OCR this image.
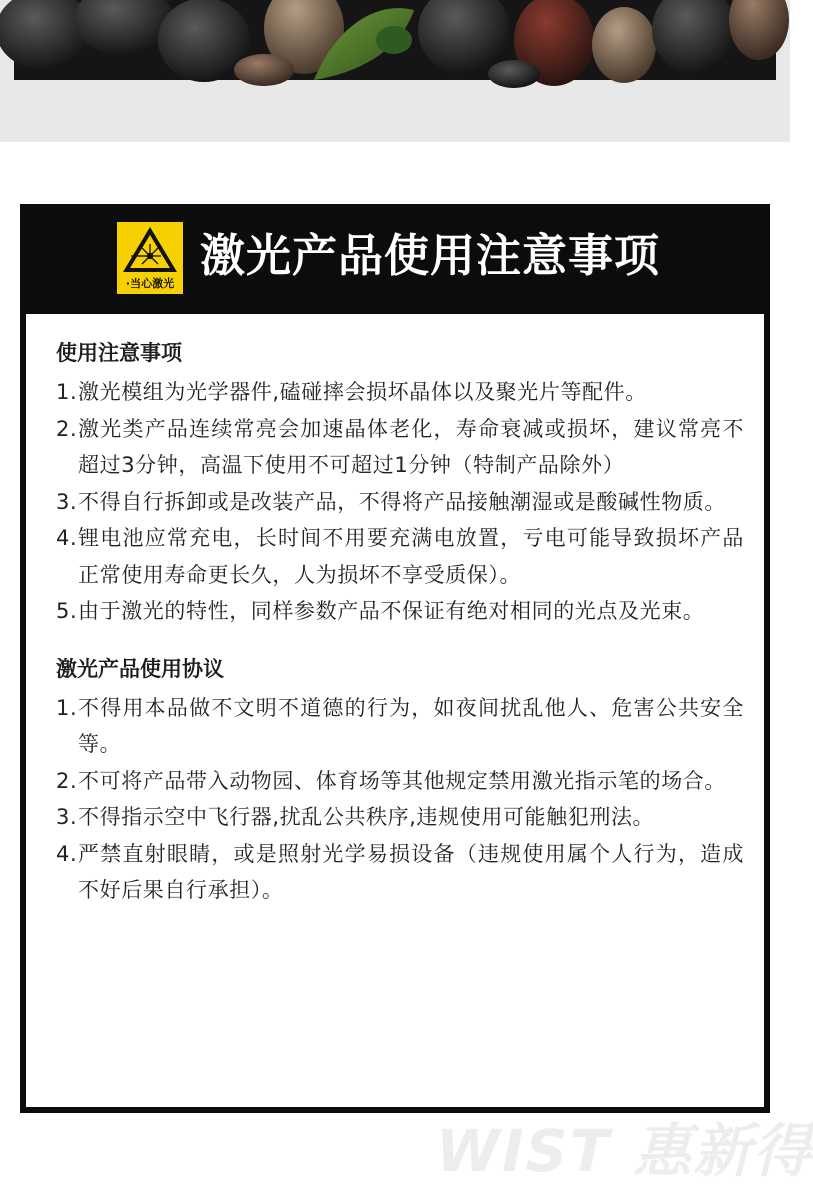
·当心激光
激光产品使用注意事项
使用注意事项
1. 激光模组为光学器件,磕碰摔会损坏晶体以及聚光片等配件。
2. 激光类产品连续常亮会加速晶体老化，寿命衰减或损坏，建议常亮不超过3分钟，高温下使用不可超过1分钟（特制产品除外）
3. 不得自行拆卸或是改装产品，不得将产品接触潮湿或是酸碱性物质。
4. 锂电池应常充电，长时间不用要充满电放置，亏电可能导致损坏产品正常使用寿命更长久，人为损坏不享受质保）。
5. 由于激光的特性，同样参数产品不保证有绝对相同的光点及光束。
激光产品使用协议
1. 不得用本品做不文明不道德的行为，如夜间扰乱他人、危害公共安全等。
2. 不可将产品带入动物园、体育场等其他规定禁用激光指示笔的场合。
3. 不得指示空中飞行器,扰乱公共秩序,违规使用可能触犯刑法。
4. 严禁直射眼睛，或是照射光学易损设备（违规使用属个人行为，造成不好后果自行承担）。
WIST 惠新得
